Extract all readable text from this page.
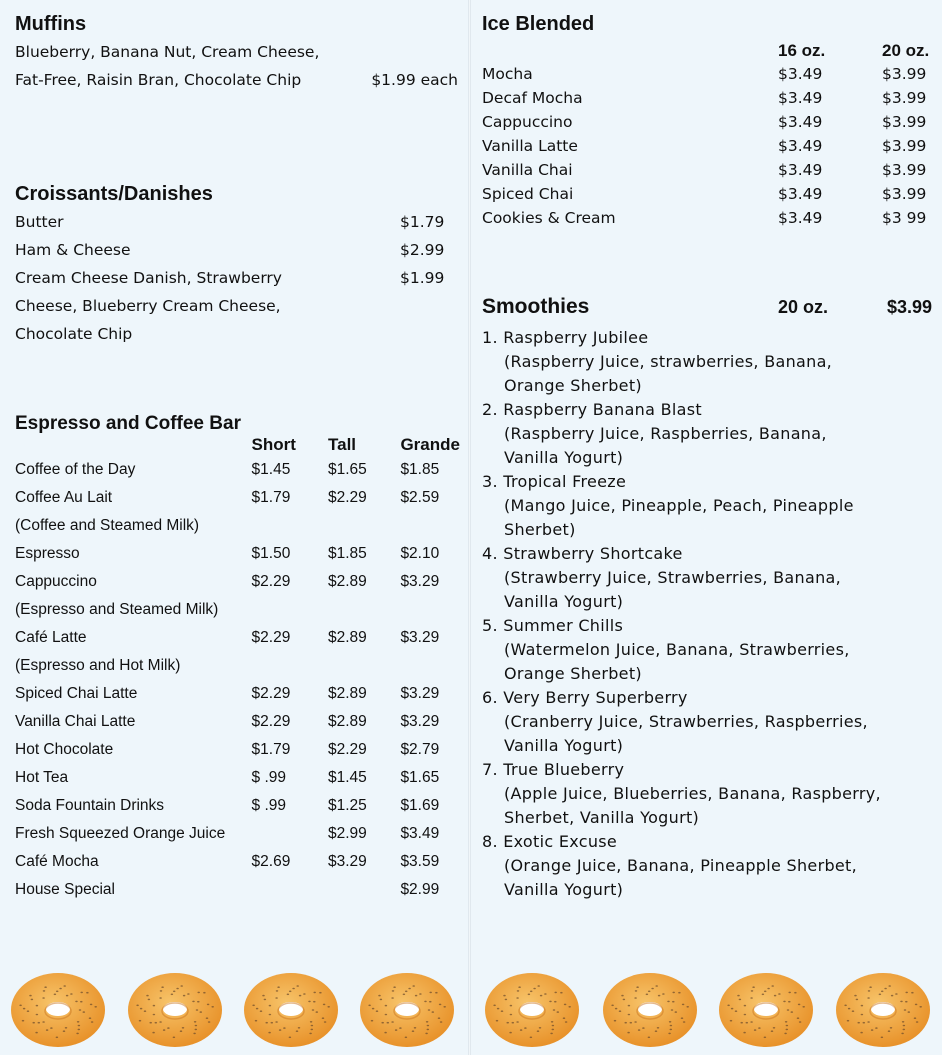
Muffins
Blueberry, Banana Nut, Cream Cheese,
Fat-Free, Raisin Bran, Chocolate Chip	$1.99 each
Croissants/Danishes
Butter	$1.79
Ham & Cheese	$2.99
Cream Cheese Danish, Strawberry	$1.99
Cheese, Blueberry Cream Cheese,
Chocolate Chip
Espresso and Coffee Bar
	Short	Tall	Grande
Coffee of the Day	$1.45	$1.65	$1.85
Coffee Au Lait	$1.79	$2.29	$2.59
(Coffee and Steamed Milk)			
Espresso	$1.50	$1.85	$2.10
Cappuccino	$2.29	$2.89	$3.29
(Espresso and Steamed Milk)			
Café Latte	$2.29	$2.89	$3.29
(Espresso and Hot Milk)			
Spiced Chai Latte	$2.29	$2.89	$3.29
Vanilla Chai Latte	$2.29	$2.89	$3.29
Hot Chocolate	$1.79	$2.29	$2.79
Hot Tea	$ .99	$1.45	$1.65
Soda Fountain Drinks	$ .99	$1.25	$1.69
Fresh Squeezed Orange Juice		$2.99	$3.49
Café Mocha	$2.69	$3.29	$3.59
House Special			$2.99
Ice Blended
	16 oz.	20 oz.
Mocha	$3.49	$3.99
Decaf Mocha	$3.49	$3.99
Cappuccino	$3.49	$3.99
Vanilla Latte	$3.49	$3.99
Vanilla Chai	$3.49	$3.99
Spiced Chai	$3.49	$3.99
Cookies & Cream	$3.49	$3 99
Smoothies	20 oz.	$3.99
1. Raspberry Jubilee
(Raspberry Juice, strawberries, Banana, Orange Sherbet)
2. Raspberry Banana Blast
(Raspberry Juice, Raspberries, Banana, Vanilla Yogurt)
3. Tropical Freeze
(Mango Juice, Pineapple, Peach, Pineapple Sherbet)
4. Strawberry Shortcake
(Strawberry Juice, Strawberries, Banana, Vanilla Yogurt)
5. Summer Chills
(Watermelon Juice, Banana, Strawberries, Orange Sherbet)
6. Very Berry Superberry
(Cranberry Juice, Strawberries, Raspberries, Vanilla Yogurt)
7. True Blueberry
(Apple Juice, Blueberries, Banana, Raspberry, Sherbet, Vanilla Yogurt)
8. Exotic Excuse
(Orange Juice, Banana, Pineapple Sherbet, Vanilla Yogurt)
